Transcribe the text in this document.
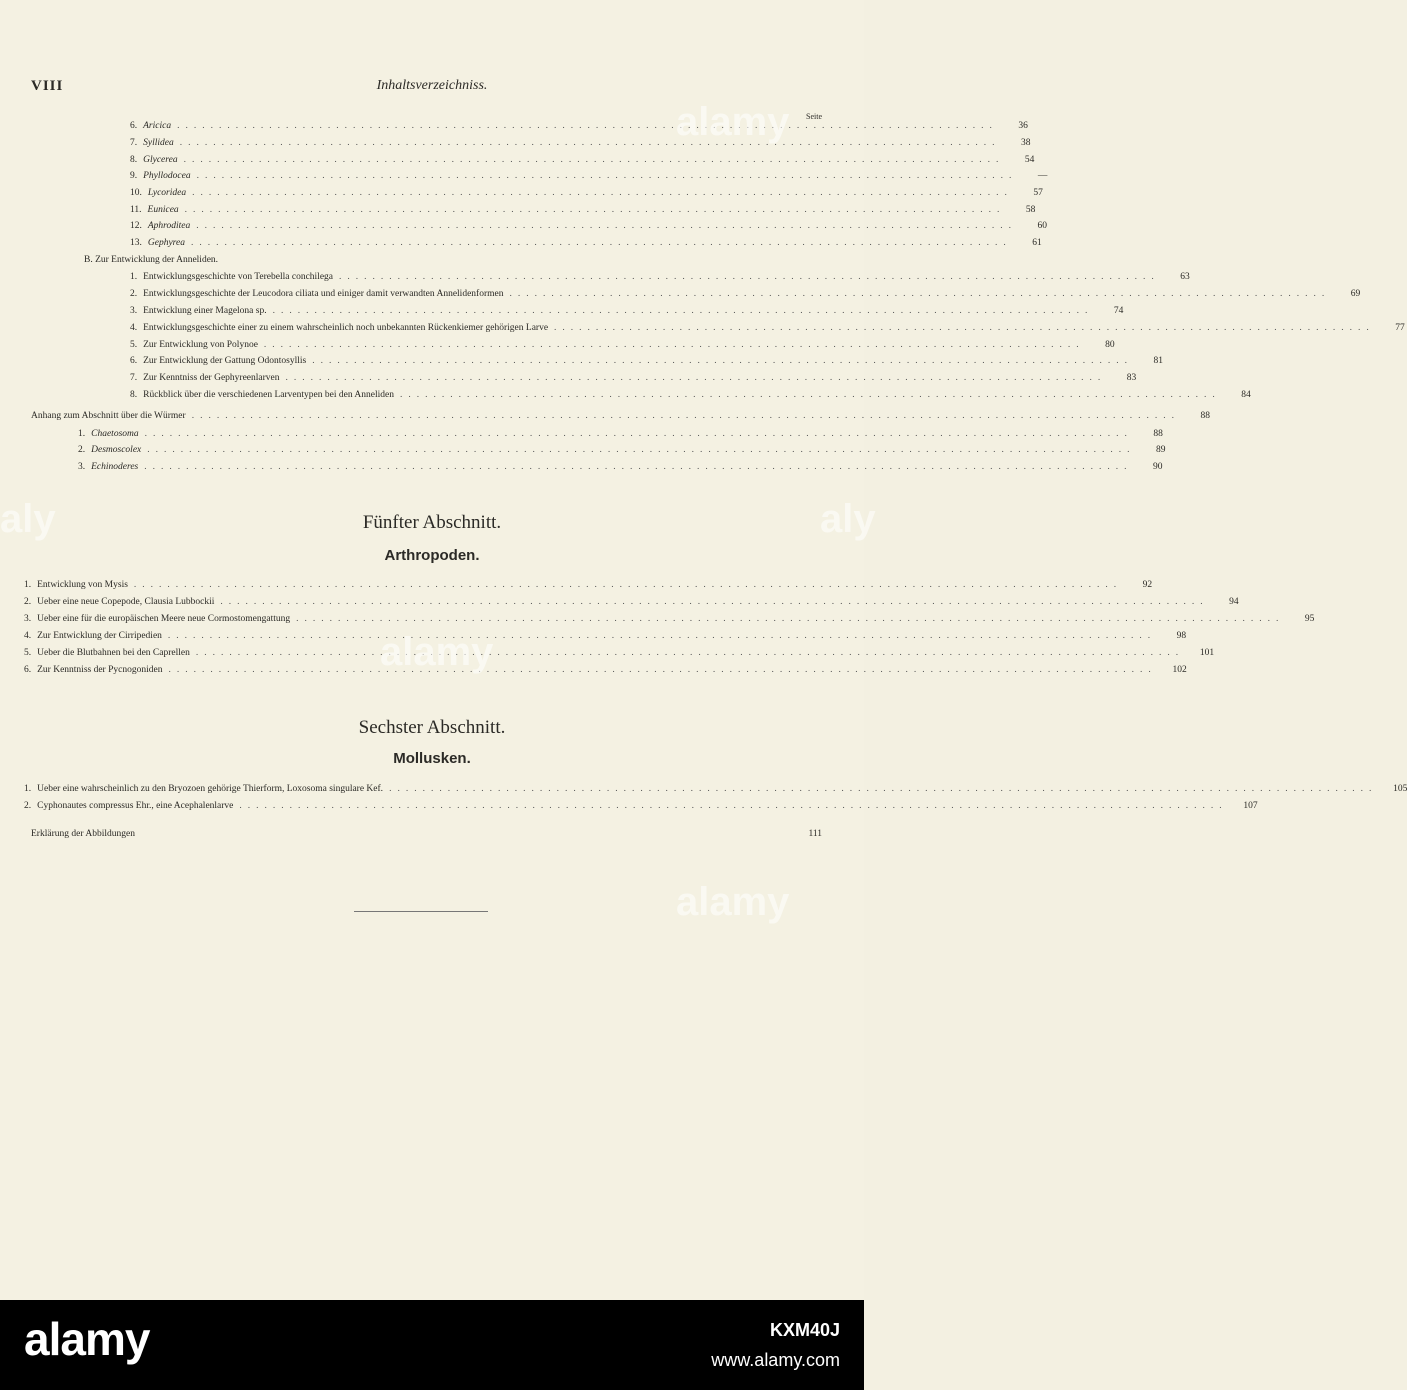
VIII	Inhaltsverzeichniss.
Seite
6. Aricica ..................................................................................................	36
7. Syllidea ..................................................................................................	38
8. Glycerea ..................................................................................................	54
9. Phyllodocea ..................................................................................................	—
10. Lycoridea ..................................................................................................	57
11. Eunicea ..................................................................................................	58
12. Aphroditea ..................................................................................................	60
13. Gephyrea ..................................................................................................	61
B. Zur Entwicklung der Anneliden.
1. Entwicklungsgeschichte von Terebella conchilega ..................................................................................................	63
2. Entwicklungsgeschichte der Leucodora ciliata und einiger damit verwandten Annelidenformen ..................................................................................................	69
3. Entwicklung einer Magelona sp. ..................................................................................................	74
4. Entwicklungsgeschichte einer zu einem wahrscheinlich noch unbekannten Rückenkiemer gehörigen Larve ..................................................................................................	77
5. Zur Entwicklung von Polynoe ..................................................................................................	80
6. Zur Entwicklung der Gattung Odontosyllis ..................................................................................................	81
7. Zur Kenntniss der Gephyreenlarven ..................................................................................................	83
8. Rückblick über die verschiedenen Larventypen bei den Anneliden ..................................................................................................	84
Anhang zum Abschnitt über die Würmer ......................................................................................................................	88
1. Chaetosoma ......................................................................................................................	88
2. Desmoscolex ......................................................................................................................	89
3. Echinoderes ......................................................................................................................	90
Fünfter Abschnitt.
Arthropoden.
1. Entwicklung von Mysis ......................................................................................................................	92
2. Ueber eine neue Copepode, Clausia Lubbockii ......................................................................................................................	94
3. Ueber eine für die europäischen Meere neue Cormostomengattung ......................................................................................................................	95
4. Zur Entwicklung der Cirripedien ......................................................................................................................	98
5. Ueber die Blutbahnen bei den Caprellen ......................................................................................................................	101
6. Zur Kenntniss der Pycnogoniden ......................................................................................................................	102
Sechster Abschnitt.
Mollusken.
1. Ueber eine wahrscheinlich zu den Bryozoen gehörige Thierform, Loxosoma singulare Kef. ......................................................................................................................	105
2. Cyphonautes compressus Ehr., eine Acephalenlarve ......................................................................................................................	107
Erklärung der Abbildungen	111
alamy
alamy
aly	aly
alamy
alamy	KXM40J
www.alamy.com
